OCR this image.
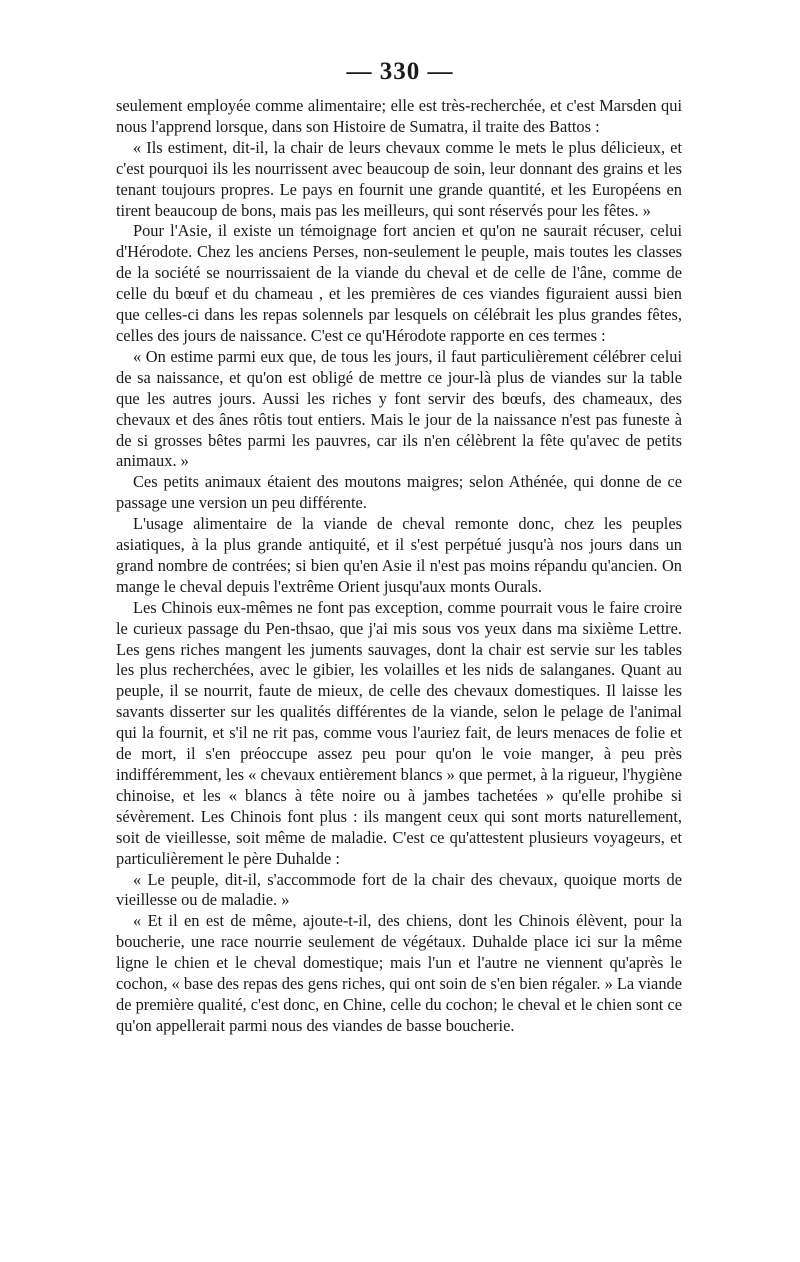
— 330 —

seulement employée comme alimentaire; elle est très-recherchée, et c'est Marsden qui nous l'apprend lorsque, dans son Histoire de Sumatra, il traite des Battos :

« Ils estiment, dit-il, la chair de leurs chevaux comme le mets le plus délicieux, et c'est pourquoi ils les nourrissent avec beaucoup de soin, leur donnant des grains et les tenant toujours propres. Le pays en fournit une grande quantité, et les Européens en tirent beaucoup de bons, mais pas les meilleurs, qui sont réservés pour les fêtes. »

Pour l'Asie, il existe un témoignage fort ancien et qu'on ne saurait récuser, celui d'Hérodote. Chez les anciens Perses, non-seulement le peuple, mais toutes les classes de la société se nourrissaient de la viande du cheval et de celle de l'âne, comme de celle du bœuf et du chameau , et les premières de ces viandes figuraient aussi bien que celles-ci dans les repas solennels par lesquels on célébrait les plus grandes fêtes, celles des jours de naissance. C'est ce qu'Hérodote rapporte en ces termes :

« On estime parmi eux que, de tous les jours, il faut particulièrement célébrer celui de sa naissance, et qu'on est obligé de mettre ce jour-là plus de viandes sur la table que les autres jours. Aussi les riches y font servir des bœufs, des chameaux, des chevaux et des ânes rôtis tout entiers. Mais le jour de la naissance n'est pas funeste à de si grosses bêtes parmi les pauvres, car ils n'en célèbrent la fête qu'avec de petits animaux. »

Ces petits animaux étaient des moutons maigres; selon Athénée, qui donne de ce passage une version un peu différente.

L'usage alimentaire de la viande de cheval remonte donc, chez les peuples asiatiques, à la plus grande antiquité, et il s'est perpétué jusqu'à nos jours dans un grand nombre de contrées; si bien qu'en Asie il n'est pas moins répandu qu'ancien. On mange le cheval depuis l'extrême Orient jusqu'aux monts Ourals.

Les Chinois eux-mêmes ne font pas exception, comme pourrait vous le faire croire le curieux passage du Pen-thsao, que j'ai mis sous vos yeux dans ma sixième Lettre. Les gens riches mangent les juments sauvages, dont la chair est servie sur les tables les plus recherchées, avec le gibier, les volailles et les nids de salanganes. Quant au peuple, il se nourrit, faute de mieux, de celle des chevaux domestiques. Il laisse les savants disserter sur les qualités différentes de la viande, selon le pelage de l'animal qui la fournit, et s'il ne rit pas, comme vous l'auriez fait, de leurs menaces de folie et de mort, il s'en préoccupe assez peu pour qu'on le voie manger, à peu près indifféremment, les « chevaux entièrement blancs » que permet, à la rigueur, l'hygiène chinoise, et les « blancs à tête noire ou à jambes tachetées » qu'elle prohibe si sévèrement. Les Chinois font plus : ils mangent ceux qui sont morts naturellement, soit de vieillesse, soit même de maladie. C'est ce qu'attestent plusieurs voyageurs, et particulièrement le père Duhalde :

« Le peuple, dit-il, s'accommode fort de la chair des chevaux, quoique morts de vieillesse ou de maladie. »

« Et il en est de même, ajoute-t-il, des chiens, dont les Chinois élèvent, pour la boucherie, une race nourrie seulement de végétaux. Duhalde place ici sur la même ligne le chien et le cheval domestique; mais l'un et l'autre ne viennent qu'après le cochon, « base des repas des gens riches, qui ont soin de s'en bien régaler. » La viande de première qualité, c'est donc, en Chine, celle du cochon; le cheval et le chien sont ce qu'on appellerait parmi nous des viandes de basse boucherie.
